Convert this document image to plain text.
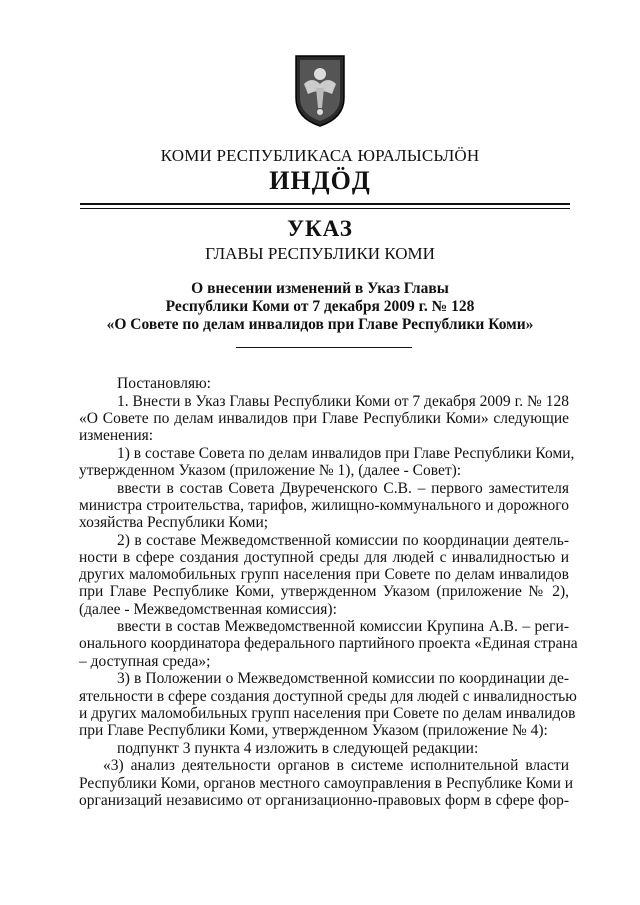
КОМИ РЕСПУБЛИКАСА ЮРАЛЫСЬЛӦН
ИНДӦД
УКАЗ
ГЛАВЫ РЕСПУБЛИКИ КОМИ
О внесении изменений в Указ Главы
Республики Коми от 7 декабря 2009 г. № 128
«О Совете по делам инвалидов при Главе Республики Коми»
Постановляю:
1. Внести в Указ Главы Республики Коми от 7 декабря 2009 г. № 128
«О Совете по делам инвалидов при Главе Республики Коми» следующие
изменения:
1) в составе Совета по делам инвалидов при Главе Республики Коми,
утвержденном Указом (приложение № 1), (далее - Совет):
ввести в состав Совета Двуреченского С.В. – первого заместителя
министра строительства, тарифов, жилищно-коммунального и дорожного
хозяйства Республики Коми;
2) в составе Межведомственной комиссии по координации деятель-
ности в сфере создания доступной среды для людей с инвалидностью и
других маломобильных групп населения при Совете по делам инвалидов
при Главе Республике Коми, утвержденном Указом (приложение № 2),
(далее - Межведомственная комиссия):
ввести в состав Межведомственной комиссии Крупина А.В. – реги-
онального координатора федерального партийного проекта «Единая страна
– доступная среда»;
3) в Положении о Межведомственной комиссии по координации де-
ятельности в сфере создания доступной среды для людей с инвалидностью
и других маломобильных групп населения при Совете по делам инвалидов
при Главе Республики Коми, утвержденном Указом (приложение № 4):
подпункт 3 пункта 4 изложить в следующей редакции:
«3) анализ деятельности органов в системе исполнительной власти
Республики Коми, органов местного самоуправления в Республике Коми и
организаций независимо от организационно-правовых форм в сфере фор-
